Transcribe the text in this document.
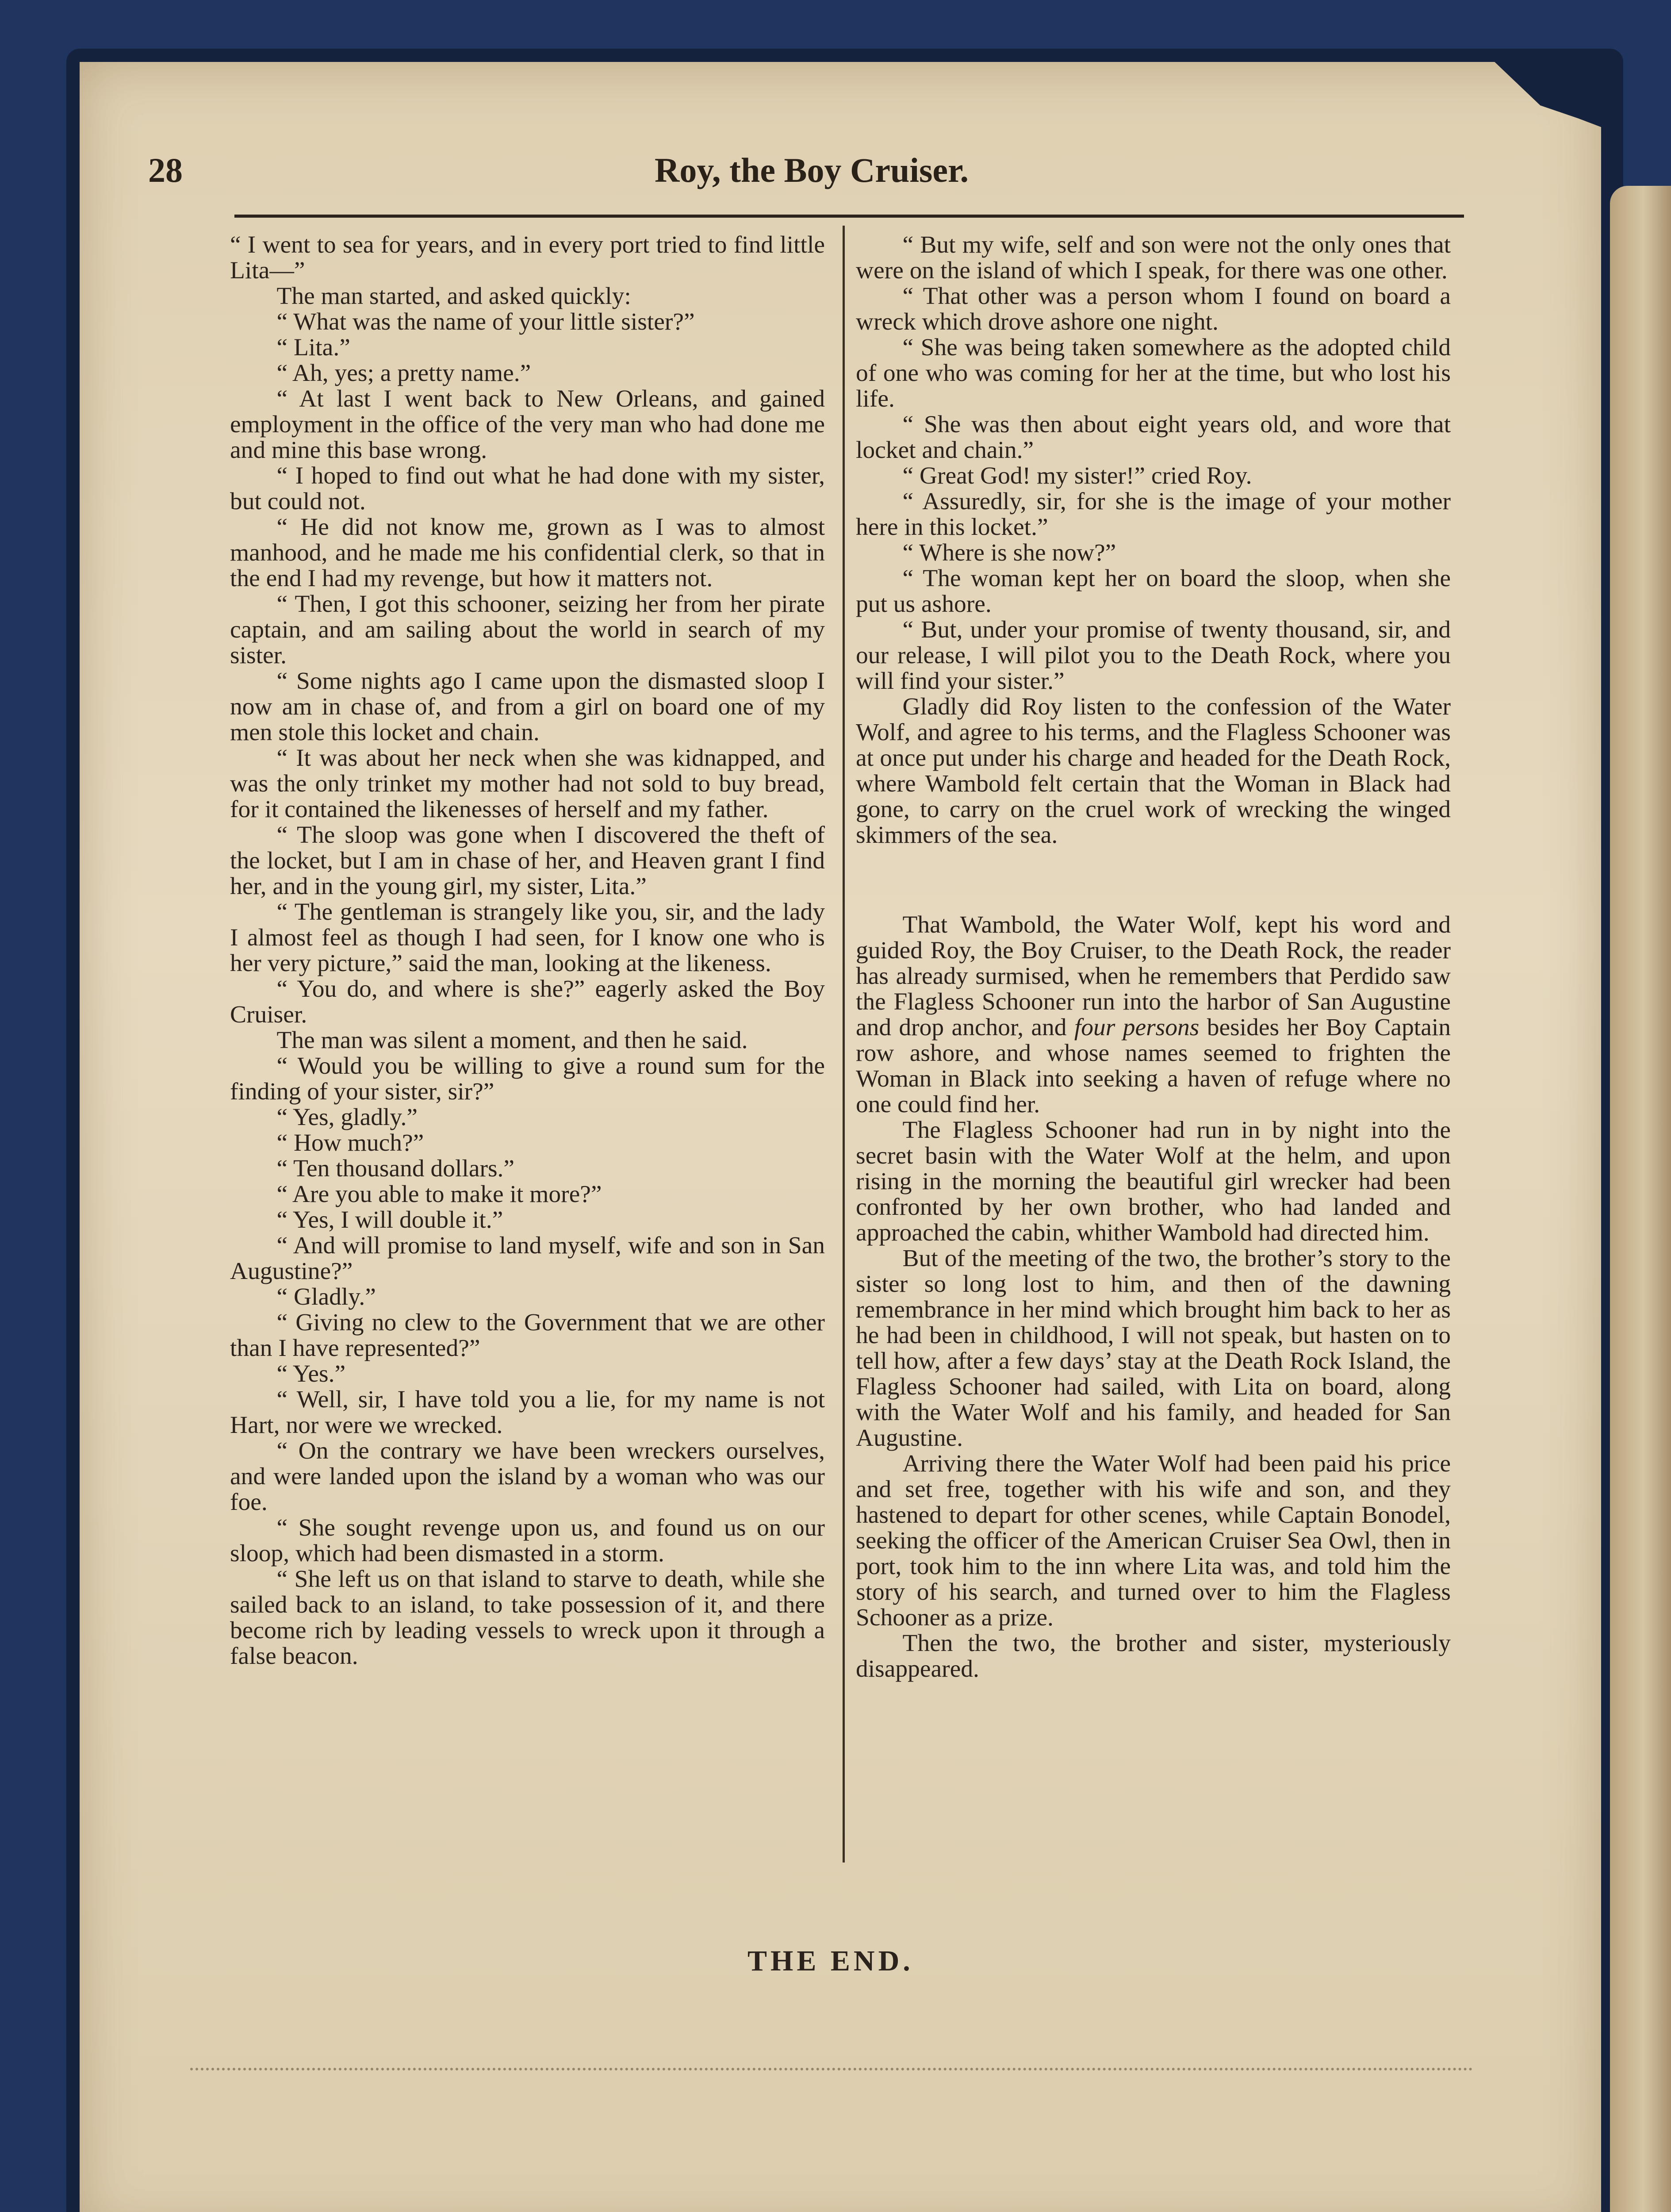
28	Roy, the Boy Cruiser.

“ I went to sea for years, and in every port tried to find little Lita—”

The man started, and asked quickly:

“ What was the name of your little sister?”

“ Lita.”

“ Ah, yes; a pretty name.”

“ At last I went back to New Orleans, and gained employment in the office of the very man who had done me and mine this base wrong.

“ I hoped to find out what he had done with my sister, but could not.

“ He did not know me, grown as I was to almost manhood, and he made me his confidential clerk, so that in the end I had my revenge, but how it matters not.

“ Then, I got this schooner, seizing her from her pirate captain, and am sailing about the world in search of my sister.

“ Some nights ago I came upon the dismasted sloop I now am in chase of, and from a girl on board one of my men stole this locket and chain.

“ It was about her neck when she was kidnapped, and was the only trinket my mother had not sold to buy bread, for it contained the likenesses of herself and my father.

“ The sloop was gone when I discovered the theft of the locket, but I am in chase of her, and Heaven grant I find her, and in the young girl, my sister, Lita.”

“ The gentleman is strangely like you, sir, and the lady I almost feel as though I had seen, for I know one who is her very picture,” said the man, looking at the likeness.

“ You do, and where is she?” eagerly asked the Boy Cruiser.

The man was silent a moment, and then he said.

“ Would you be willing to give a round sum for the finding of your sister, sir?”

“ Yes, gladly.”

“ How much?”

“ Ten thousand dollars.”

“ Are you able to make it more?”

“ Yes, I will double it.”

“ And will promise to land myself, wife and son in San Augustine?”

“ Gladly.”

“ Giving no clew to the Government that we are other than I have represented?”

“ Yes.”

“ Well, sir, I have told you a lie, for my name is not Hart, nor were we wrecked.

“ On the contrary we have been wreckers ourselves, and were landed upon the island by a woman who was our foe.

“ She sought revenge upon us, and found us on our sloop, which had been dismasted in a storm.

“ She left us on that island to starve to death, while she sailed back to an island, to take possession of it, and there become rich by leading vessels to wreck upon it through a false beacon.

“ But my wife, self and son were not the only ones that were on the island of which I speak, for there was one other.

“ That other was a person whom I found on board a wreck which drove ashore one night.

“ She was being taken somewhere as the adopted child of one who was coming for her at the time, but who lost his life.

“ She was then about eight years old, and wore that locket and chain.”

“ Great God! my sister!” cried Roy.

“ Assuredly, sir, for she is the image of your mother here in this locket.”

“ Where is she now?”

“ The woman kept her on board the sloop, when she put us ashore.

“ But, under your promise of twenty thousand, sir, and our release, I will pilot you to the Death Rock, where you will find your sister.”

Gladly did Roy listen to the confession of the Water Wolf, and agree to his terms, and the Flagless Schooner was at once put under his charge and headed for the Death Rock, where Wambold felt certain that the Woman in Black had gone, to carry on the cruel work of wrecking the winged skimmers of the sea.

That Wambold, the Water Wolf, kept his word and guided Roy, the Boy Cruiser, to the Death Rock, the reader has already surmised, when he remembers that Perdido saw the Flagless Schooner run into the harbor of San Augustine and drop anchor, and four persons besides her Boy Captain row ashore, and whose names seemed to frighten the Woman in Black into seeking a haven of refuge where no one could find her.

The Flagless Schooner had run in by night into the secret basin with the Water Wolf at the helm, and upon rising in the morning the beautiful girl wrecker had been confronted by her own brother, who had landed and approached the cabin, whither Wambold had directed him.

But of the meeting of the two, the brother’s story to the sister so long lost to him, and then of the dawning remembrance in her mind which brought him back to her as he had been in childhood, I will not speak, but hasten on to tell how, after a few days’ stay at the Death Rock Island, the Flagless Schooner had sailed, with Lita on board, along with the Water Wolf and his family, and headed for San Augustine.

Arriving there the Water Wolf had been paid his price and set free, together with his wife and son, and they hastened to depart for other scenes, while Captain Bonodel, seeking the officer of the American Cruiser Sea Owl, then in port, took him to the inn where Lita was, and told him the story of his search, and turned over to him the Flagless Schooner as a prize.

Then the two, the brother and sister, mysteriously disappeared.

THE END.
